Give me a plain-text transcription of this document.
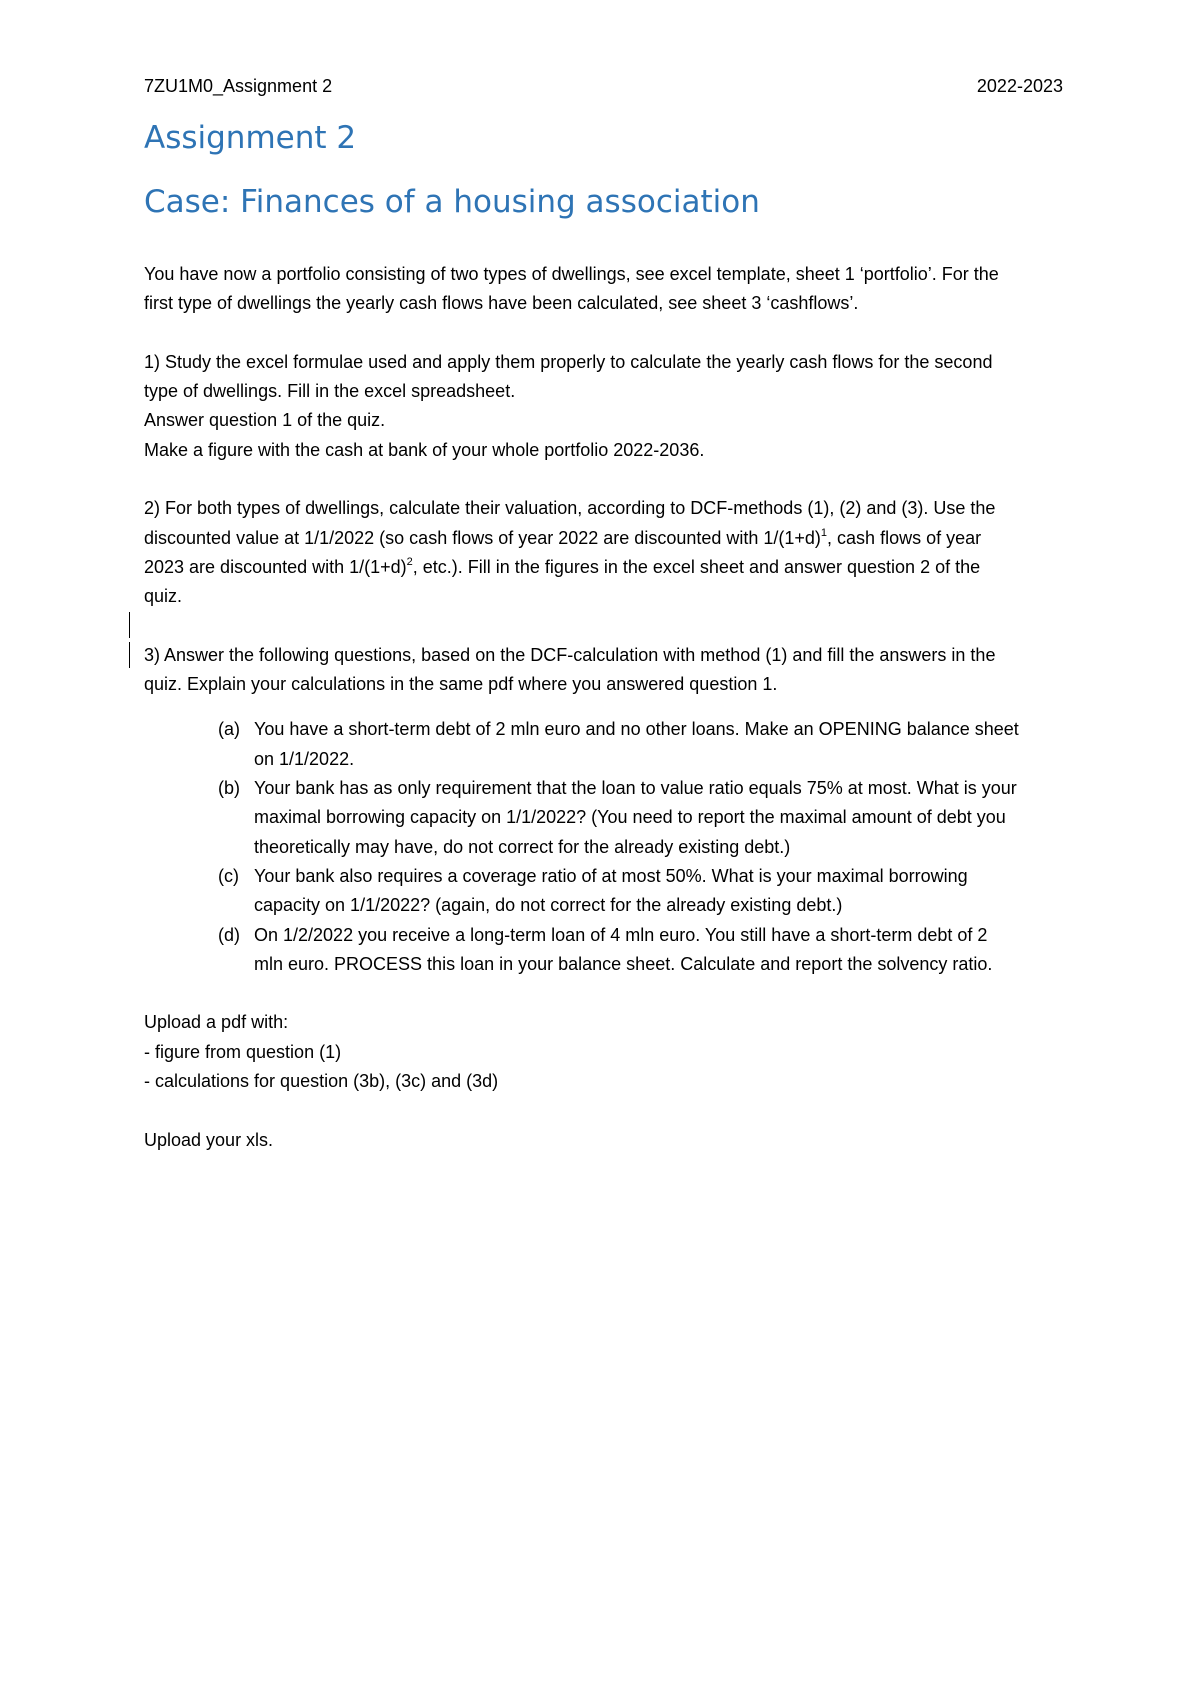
7ZU1M0_Assignment 2	2022-2023
Assignment 2
Case: Finances of a housing association

You have now a portfolio consisting of two types of dwellings, see excel template, sheet 1 ‘portfolio’. For the
first type of dwellings the yearly cash flows have been calculated, see sheet 3 ‘cashflows’.

1) Study the excel formulae used and apply them properly to calculate the yearly cash flows for the second
type of dwellings. Fill in the excel spreadsheet.
Answer question 1 of the quiz.
Make a figure with the cash at bank of your whole portfolio 2022-2036.

2) For both types of dwellings, calculate their valuation, according to DCF-methods (1), (2) and (3). Use the
discounted value at 1/1/2022 (so cash flows of year 2022 are discounted with $1/(1+d)^1$, cash flows of year
2023 are discounted with $1/(1+d)^2$, etc.). Fill in the figures in the excel sheet and answer question 2 of the
quiz.

3) Answer the following questions, based on the DCF-calculation with method (1) and fill the answers in the
quiz. Explain your calculations in the same pdf where you answered question 1.

(a) You have a short-term debt of 2 mln euro and no other loans. Make an OPENING balance sheet
on 1/1/2022.
(b) Your bank has as only requirement that the loan to value ratio equals 75% at most. What is your
maximal borrowing capacity on 1/1/2022? (You need to report the maximal amount of debt you
theoretically may have, do not correct for the already existing debt.)
(c) Your bank also requires a coverage ratio of at most 50%. What is your maximal borrowing
capacity on 1/1/2022? (again, do not correct for the already existing debt.)
(d) On 1/2/2022 you receive a long-term loan of 4 mln euro. You still have a short-term debt of 2
mln euro. PROCESS this loan in your balance sheet. Calculate and report the solvency ratio.

Upload a pdf with:
- figure from question (1)
- calculations for question (3b), (3c) and (3d)

Upload your xls.
